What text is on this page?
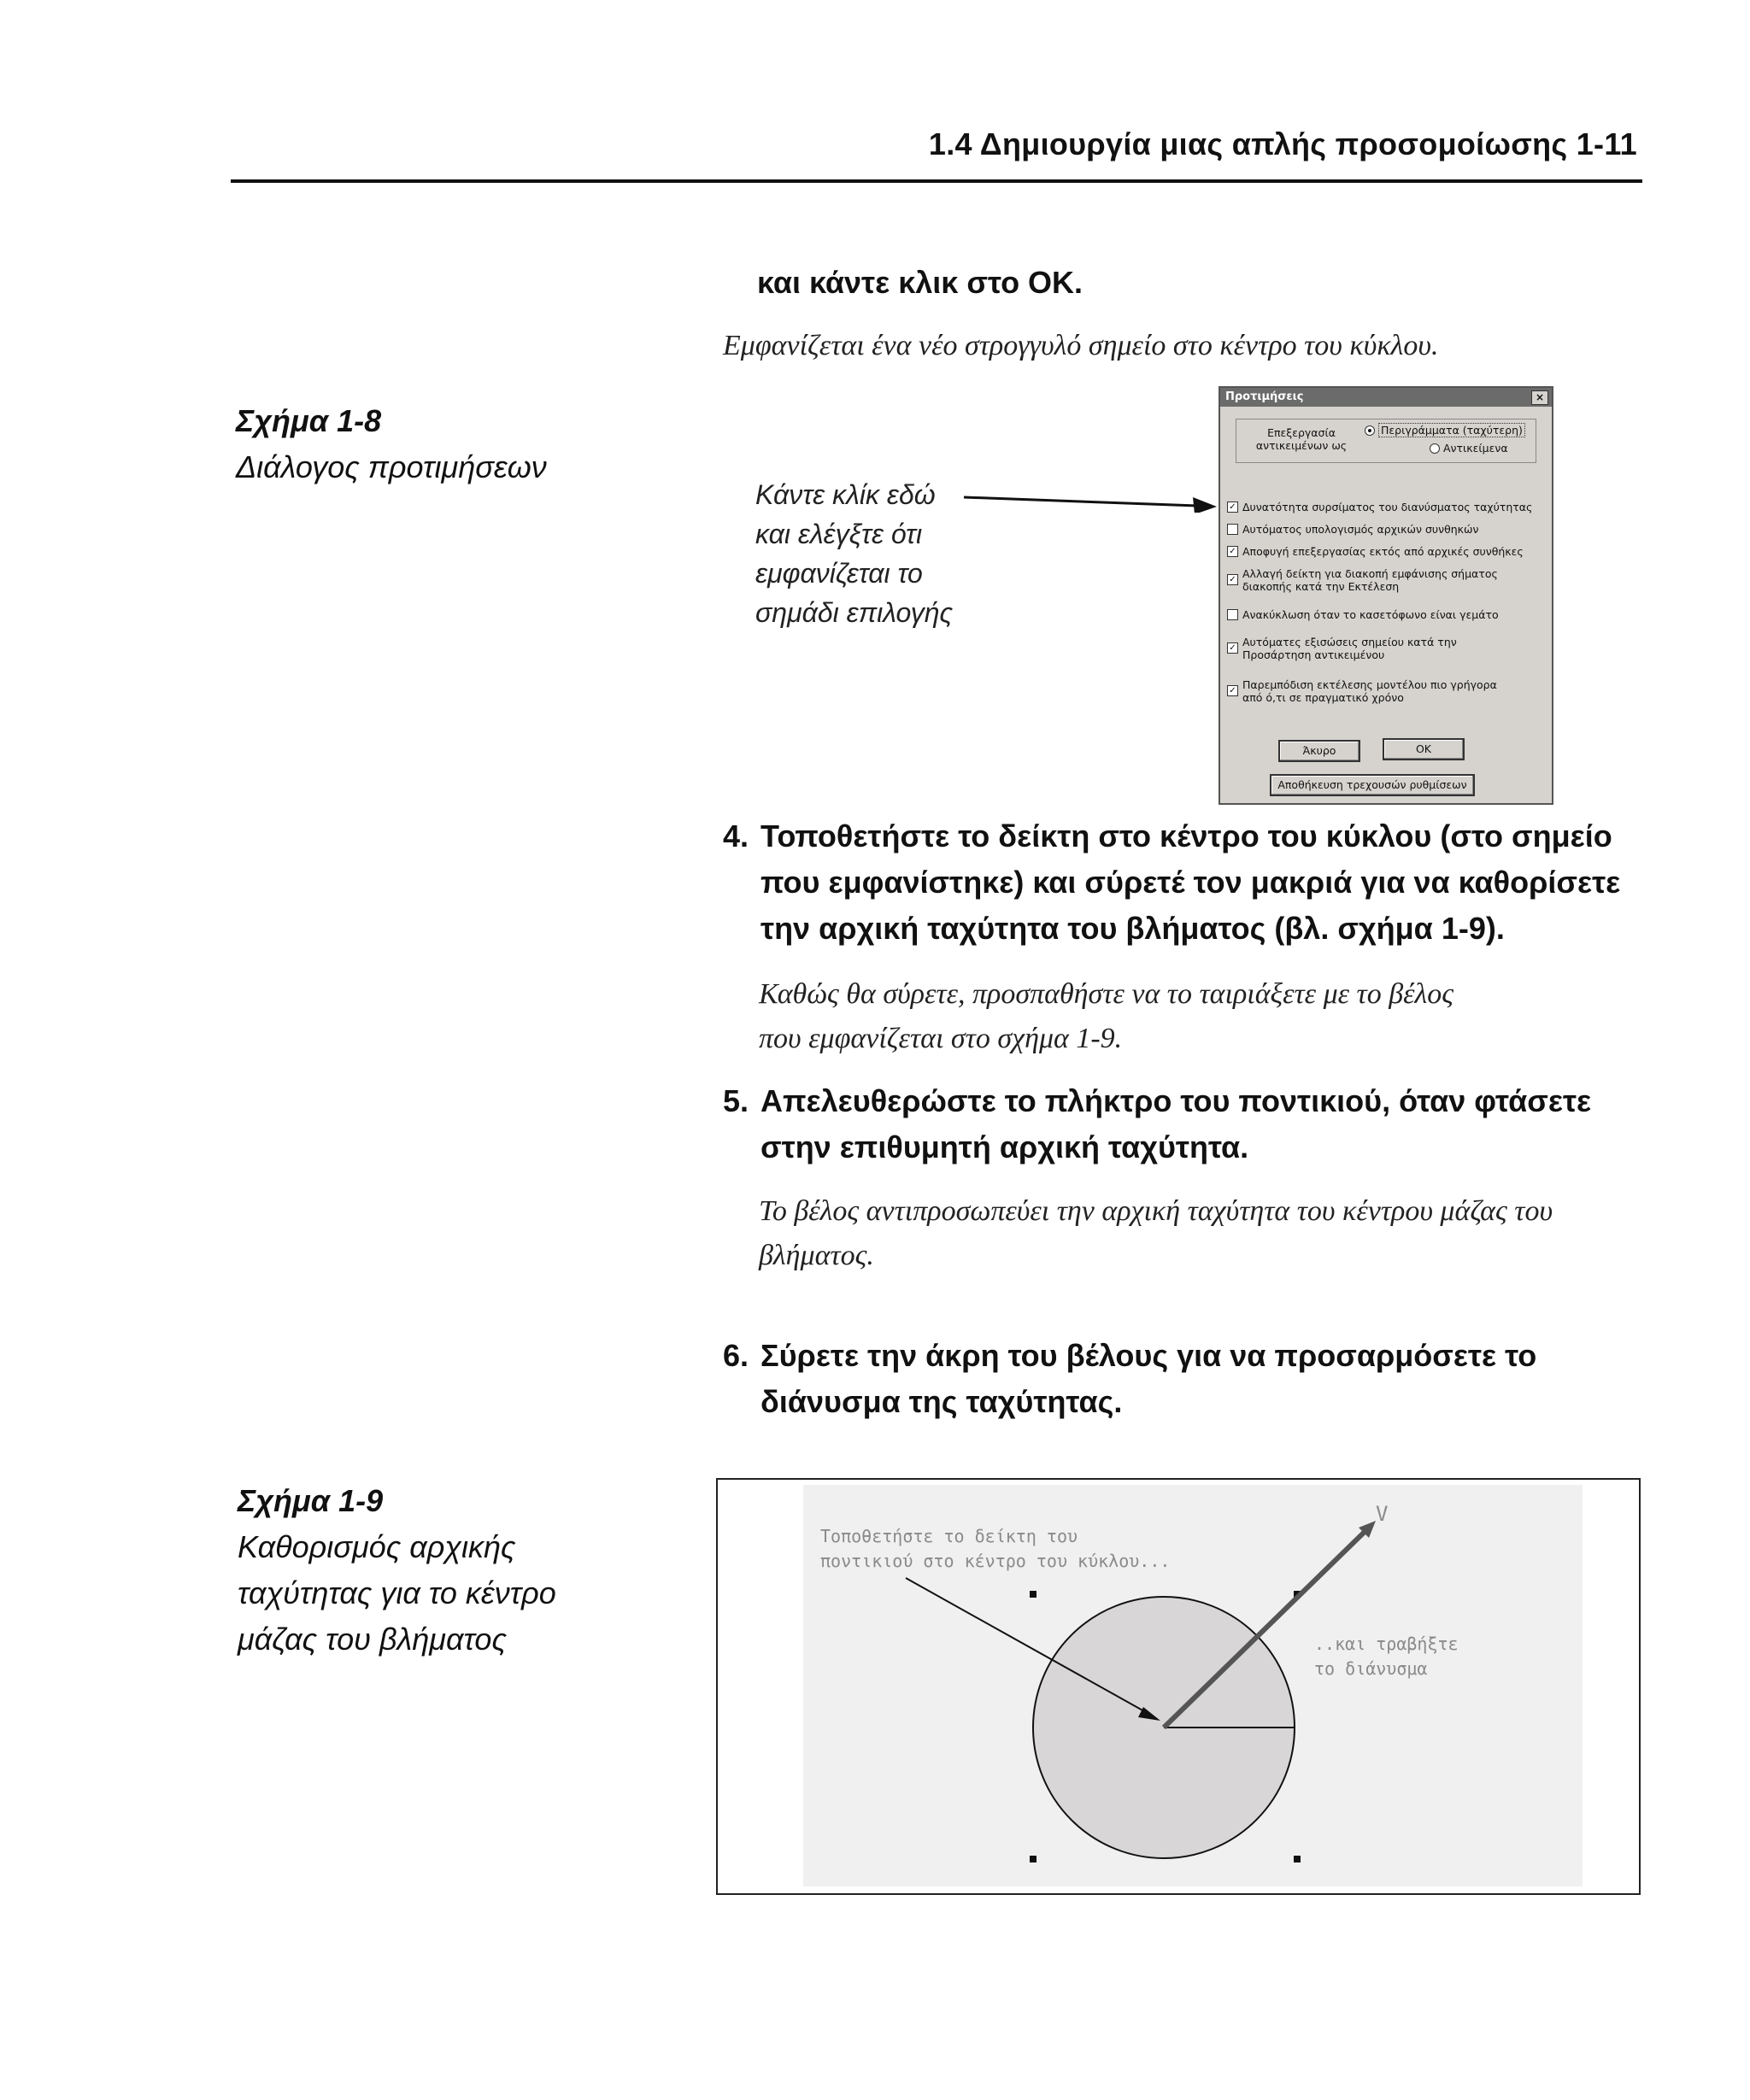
1.4 Δημιουργία μιας απλής προσομοίωσης 1-11
και κάντε κλικ στο ΟΚ.
Εμφανίζεται ένα νέο στρογγυλό σημείο στο κέντρο του κύκλου.
Σχήμα 1-8
Διάλογος προτιμήσεων
Κάντε κλίκ εδώ
και ελέγξτε ότι
εμφανίζεται το
σημάδι επιλογής
Προτιμήσεις	×
Επεξεργασία αντικειμένων ως
Περιγράμματα (ταχύτερη)
Αντικείμενα
✓ Δυνατότητα συρσίματος του διανύσματος ταχύτητας
Αυτόματος υπολογισμός αρχικών συνθηκών
✓ Αποφυγή επεξεργασίας εκτός από αρχικές συνθήκες
✓ Αλλαγή δείκτη για διακοπή εμφάνισης σήματος διακοπής κατά την Εκτέλεση
Ανακύκλωση όταν το κασετόφωνο είναι γεμάτο
✓ Αυτόματες εξισώσεις σημείου κατά την Προσάρτηση αντικειμένου
✓ Παρεμπόδιση εκτέλεσης μοντέλου πιο γρήγορα από ό,τι σε πραγματικό χρόνο
Άκυρο	ΟΚ
Αποθήκευση τρεχουσών ρυθμίσεων
4. Τοποθετήστε το δείκτη στο κέντρο του κύκλου (στο σημείο
που εμφανίστηκε) και σύρετέ τον μακριά για να καθορίσετε
την αρχική ταχύτητα του βλήματος (βλ. σχήμα 1-9).
Καθώς θα σύρετε, προσπαθήστε να το ταιριάξετε με το βέλος
που εμφανίζεται στο σχήμα 1-9.
5. Απελευθερώστε το πλήκτρο του ποντικιού, όταν φτάσετε
στην επιθυμητή αρχική ταχύτητα.
Το βέλος αντιπροσωπεύει την αρχική ταχύτητα του κέντρου μάζας του
βλήματος.
6. Σύρετε την άκρη του βέλους για να προσαρμόσετε το
διάνυσμα της ταχύτητας.
Σχήμα 1-9
Καθορισμός αρχικής
ταχύτητας για το κέντρο
μάζας του βλήματος
V
Τοποθετήστε το δείκτη του
ποντικιού στο κέντρο του κύκλου...
..και τραβήξτε
το διάνυσμα
